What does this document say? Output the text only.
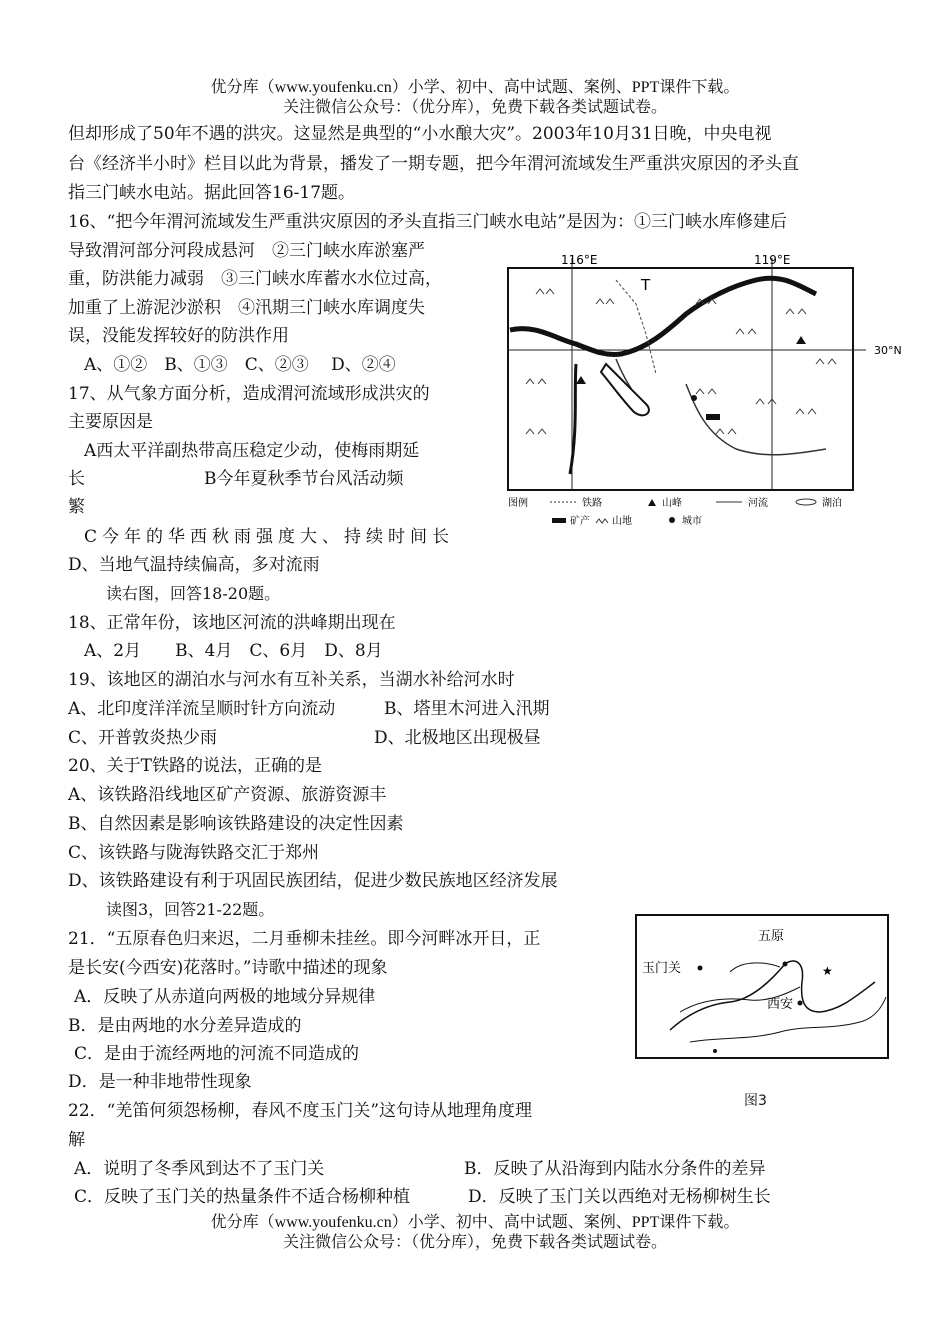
优分库（www.youfenku.cn）小学、初中、高中试题、案例、PPT课件下载。
关注微信公众号：（优分库），免费下载各类试题试卷。
但却形成了50年不遇的洪灾。这显然是典型的“小水酿大灾”。2003年10月31日晚，中央电视
台《经济半小时》栏目以此为背景，播发了一期专题，把今年渭河流域发生严重洪灾原因的矛头直
指三门峡水电站。据此回答16-17题。
16、“把今年渭河流域发生严重洪灾原因的矛头直指三门峡水电站”是因为：①三门峡水库修建后
导致渭河部分河段成悬河　②三门峡水库淤塞严
重，防洪能力减弱　③三门峡水库蓄水水位过高，
加重了上游泥沙淤积　④汛期三门峡水库调度失
误，没能发挥较好的防洪作用
A、①②　B、①③　C、②③　 D、②④
17、从气象方面分析，造成渭河流域形成洪灾的
主要原因是
A西太平洋副热带高压稳定少动，使梅雨期延
长　　　　　　　B今年夏秋季节台风活动频
繁
C今年的华西秋雨强度大、持续时间长
D、当地气温持续偏高，多对流雨
读右图，回答18-20题。
18、正常年份，该地区河流的洪峰期出现在
A、2月　　B、4月　C、6月　D、8月
19、该地区的湖泊水与河水有互补关系，当湖水补给河水时
A、北印度洋洋流呈顺时针方向流动	B、塔里木河进入汛期
C、开普敦炎热少雨	D、北极地区出现极昼
20、关于T铁路的说法，正确的是
A、该铁路沿线地区矿产资源、旅游资源丰
B、自然因素是影响该铁路建设的决定性因素
C、该铁路与陇海铁路交汇于郑州
D、该铁路建设有利于巩固民族团结，促进少数民族地区经济发展
读图3，回答21-22题。
21．“五原春色归来迟，二月垂柳未挂丝。即今河畔冰开日，正
是长安(今西安)花落时。”诗歌中描述的现象
A．反映了从赤道向两极的地域分异规律
B．是由两地的水分差异造成的
C．是由于流经两地的河流不同造成的
D．是一种非地带性现象
22．“羌笛何须怨杨柳，春风不度玉门关”这句诗从地理角度理
解
A．说明了冬季风到达不了玉门关	B．反映了从沿海到内陆水分条件的差异
C．反映了玉门关的热量条件不适合杨柳种植	D．反映了玉门关以西绝对无杨柳树生长
优分库（www.youfenku.cn）小学、初中、高中试题、案例、PPT课件下载。
关注微信公众号：（优分库），免费下载各类试题试卷。
116°E	119°E
30°N
T
图例	铁路	山峰	河流	湖泊
矿产 山地	城市
★
五原
玉门关
西安
图3
